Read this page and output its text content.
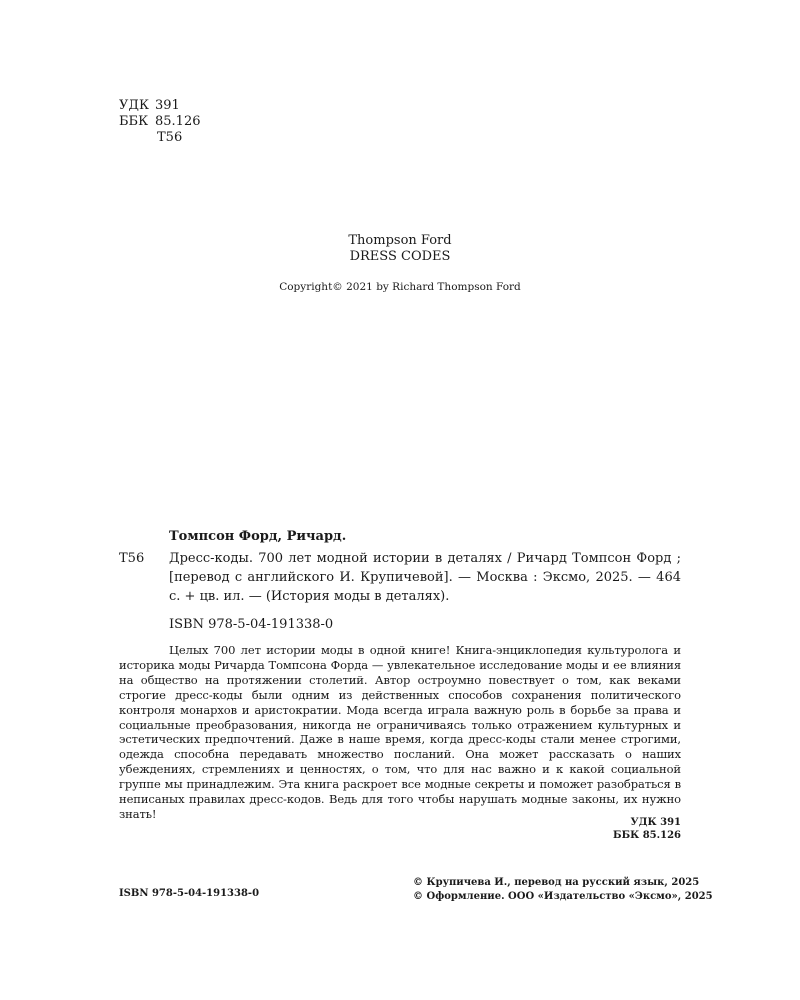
УДК 391
ББК 85.126
Т56
Thompson Ford
DRESS CODES
Copyright© 2021 by Richard Thompson Ford
Томпсон Форд, Ричард.
Т56	Дресс-коды. 700 лет модной истории в деталях / Ричард Томпсон Форд ; [перевод с английского И. Крупичевой]. — Москва : Эксмо, 2025. — 464 с. + цв. ил. — (История моды в деталях).
ISBN 978-5-04-191338-0
Целых 700 лет истории моды в одной книге! Книга-энциклопедия культуролога и историка моды Ричарда Томпсона Форда — увлекательное исследование моды и ее влияния на общество на протяжении столетий. Автор остроумно повествует о том, как веками строгие дресс-коды были одним из действенных способов сохранения политического контроля монархов и аристократии. Мода всегда играла важную роль в борьбе за права и социальные преобразования, никогда не ограничиваясь только отражением культурных и эстетических предпочтений. Даже в наше время, когда дресс-коды стали менее строгими, одежда способна передавать множество посланий. Она может рассказать о наших убеждениях, стремлениях и ценностях, о том, что для нас важно и к какой социальной группе мы принадлежим. Эта книга раскроет все модные секреты и поможет разобраться в неписаных правилах дресс-кодов. Ведь для того чтобы нарушать модные законы, их нужно знать!
УДК 391
ББК 85.126
ISBN 978-5-04-191338-0
© Крупичева И., перевод на русский язык, 2025
© Оформление. ООО «Издательство «Эксмо», 2025
